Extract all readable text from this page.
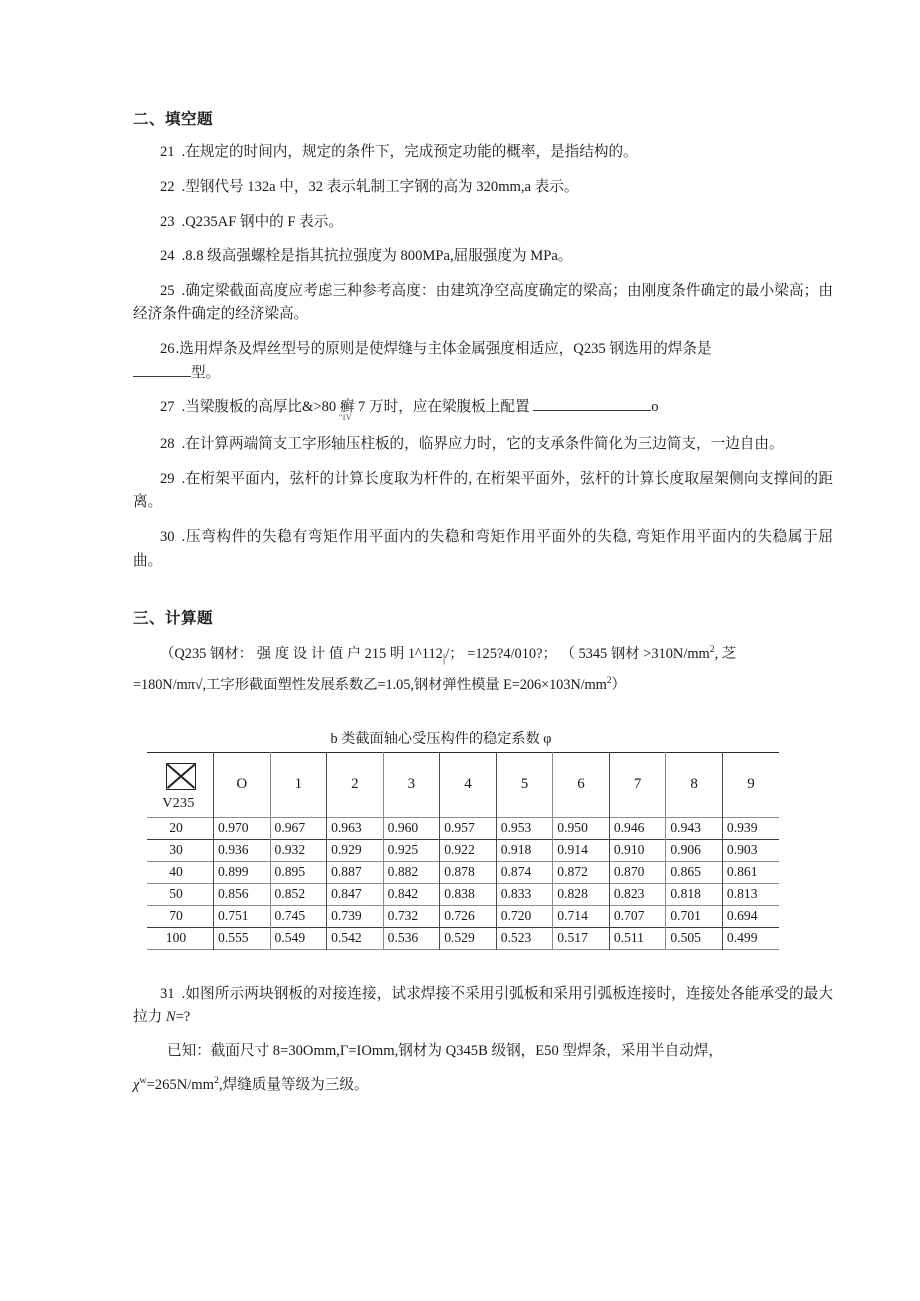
二、填空题

21 .在规定的时间内，规定的条件下，完成预定功能的概率，是指结构的。

22 .型钢代号 132a 中，32 表示轧制工字钢的高为 320mm,a 表示。

23 .Q235AF 钢中的 F 表示。

24 .8.8 级高强螺栓是指其抗拉强度为 800MPa,屈服强度为 MPa。

25 .确定梁截面高度应考虑三种参考高度：由建筑净空高度确定的梁高；由刚度条件确定的最小梁高；由经济条件确定的经济梁高。

26.选用焊条及焊丝型号的原则是使焊缝与主体金属强度相适应，Q235 钢选用的焊条是
型。

27 .当梁腹板的高厚比&>80 癣 7 万时，应在梁腹板上配置	o
"IV

28 .在计算两端简支工字形轴压柱板的，临界应力时，它的支承条件简化为三边简支，一边自由。

29 .在桁架平面内，弦杆的计算长度取为杆件的, 在桁架平面外，弦杆的计算长度取屋架侧向支撑间的距离。

30 .压弯构件的失稳有弯矩作用平面内的失稳和弯矩作用平面外的失稳, 弯矩作用平面内的失稳属于屈曲。

三、计算题

（Q235 钢材： 强 度 设 计 值 户 215 明 $1\^{}112_|/$； =125?4/010?； （ 5345 钢材 $>310N/mm^2$, 芝

=180N/mπ√,工字形截面塑性发展系数乙=1.05,钢材弹性模量 $E=206\times 103N/mm^2$）

b 类截面轴心受压构件的稳定系数 φ
V235	O	1	2	3	4	5	6	7	8	9
20	0.970	0.967	0.963	0.960	0.957	0.953	0.950	0.946	0.943	0.939
30	0.936	0.932	0.929	0.925	0.922	0.918	0.914	0.910	0.906	0.903
40	0.899	0.895	0.887	0.882	0.878	0.874	0.872	0.870	0.865	0.861
50	0.856	0.852	0.847	0.842	0.838	0.833	0.828	0.823	0.818	0.813
70	0.751	0.745	0.739	0.732	0.726	0.720	0.714	0.707	0.701	0.694
100	0.555	0.549	0.542	0.536	0.529	0.523	0.517	0.511	0.505	0.499

31 .如图所示两块钢板的对接连接，试求焊接不采用引弧板和采用引弧板连接时，连接处各能承受的最大拉力 N=?

已知：截面尺寸 8=30Omm,Γ=IOmm,钢材为 Q345B 级钢，E50 型焊条，采用半自动焊，

$\chi^w=265N/mm^2$,焊缝质量等级为三级。
